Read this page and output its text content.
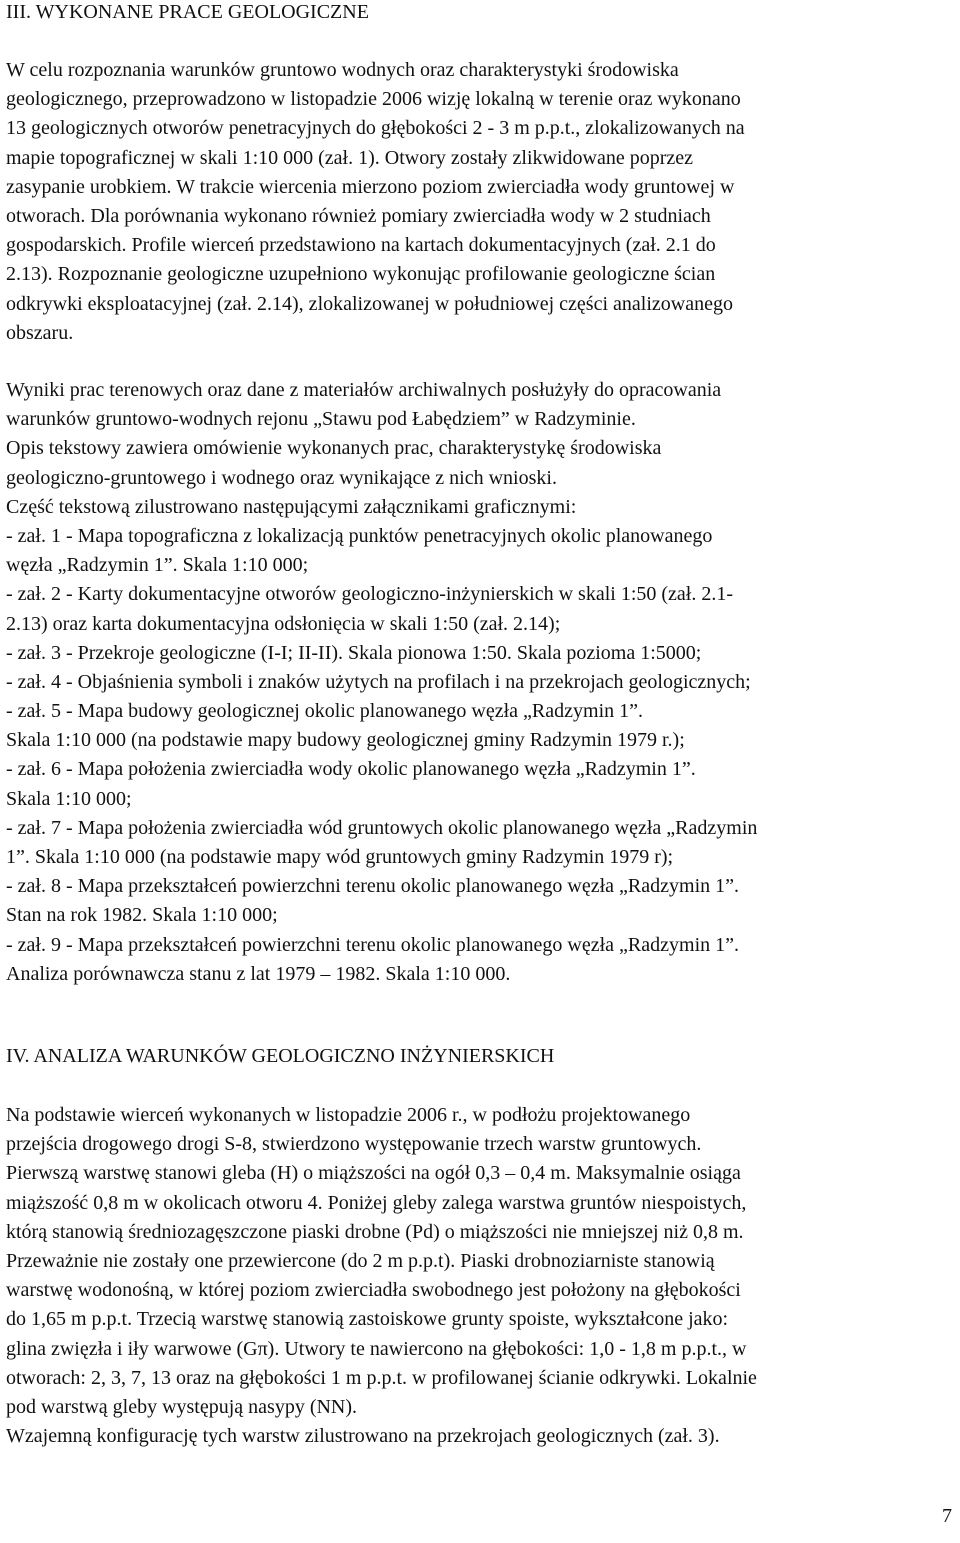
III. WYKONANE PRACE GEOLOGICZNE
W celu rozpoznania warunków gruntowo wodnych oraz charakterystyki środowiska
geologicznego, przeprowadzono w listopadzie 2006 wizję lokalną w terenie oraz wykonano
13 geologicznych otworów penetracyjnych do głębokości 2 - 3 m p.p.t., zlokalizowanych na
mapie topograficznej w skali 1:10 000 (zał. 1). Otwory zostały zlikwidowane poprzez
zasypanie urobkiem. W trakcie wiercenia mierzono poziom zwierciadła wody gruntowej w
otworach. Dla porównania wykonano również pomiary zwierciadła wody w 2 studniach
gospodarskich. Profile wierceń przedstawiono na kartach dokumentacyjnych (zał. 2.1 do
2.13). Rozpoznanie geologiczne uzupełniono wykonując profilowanie geologiczne ścian
odkrywki eksploatacyjnej (zał. 2.14), zlokalizowanej w południowej części analizowanego
obszaru.
Wyniki prac terenowych oraz dane z materiałów archiwalnych posłużyły do opracowania
warunków gruntowo-wodnych rejonu „Stawu pod Łabędziem” w Radzyminie.
Opis tekstowy zawiera omówienie wykonanych prac, charakterystykę środowiska
geologiczno-gruntowego i wodnego oraz wynikające z nich wnioski.
Część tekstową zilustrowano następującymi załącznikami graficznymi:
- zał. 1 - Mapa topograficzna z lokalizacją punktów penetracyjnych okolic planowanego
węzła „Radzymin 1”. Skala 1:10 000;
- zał. 2 - Karty dokumentacyjne otworów geologiczno-inżynierskich w skali 1:50 (zał. 2.1-
2.13) oraz karta dokumentacyjna odsłonięcia w skali 1:50 (zał. 2.14);
- zał. 3 - Przekroje geologiczne (I-I; II-II). Skala pionowa 1:50. Skala pozioma 1:5000;
- zał. 4 - Objaśnienia symboli i znaków użytych na profilach i na przekrojach geologicznych;
- zał. 5 - Mapa budowy geologicznej okolic planowanego węzła „Radzymin 1”.
Skala 1:10 000 (na podstawie mapy budowy geologicznej gminy Radzymin 1979 r.);
- zał. 6 - Mapa położenia zwierciadła wody okolic planowanego węzła „Radzymin 1”.
Skala 1:10 000;
- zał. 7 - Mapa położenia zwierciadła wód gruntowych okolic planowanego węzła „Radzymin
1”. Skala 1:10 000 (na podstawie mapy wód gruntowych gminy Radzymin 1979 r);
- zał. 8 - Mapa przekształceń powierzchni terenu okolic planowanego węzła „Radzymin 1”.
Stan na rok 1982. Skala 1:10 000;
- zał. 9 - Mapa przekształceń powierzchni terenu okolic planowanego węzła „Radzymin 1”.
Analiza porównawcza stanu z lat 1979 – 1982. Skala 1:10 000.
IV. ANALIZA WARUNKÓW GEOLOGICZNO INŻYNIERSKICH
Na podstawie wierceń wykonanych w listopadzie 2006 r., w podłożu projektowanego
przejścia drogowego drogi S-8, stwierdzono występowanie trzech warstw gruntowych.
Pierwszą warstwę stanowi gleba (H) o miąższości na ogół 0,3 – 0,4 m. Maksymalnie osiąga
miąższość 0,8 m w okolicach otworu 4. Poniżej gleby zalega warstwa gruntów niespoistych,
którą stanowią średniozagęszczone piaski drobne (Pd) o miąższości nie mniejszej niż 0,8 m.
Przeważnie nie zostały one przewiercone (do 2 m p.p.t). Piaski drobnoziarniste stanowią
warstwę wodonośną, w której poziom zwierciadła swobodnego jest położony na głębokości
do 1,65 m p.p.t. Trzecią warstwę stanowią zastoiskowe grunty spoiste, wykształcone jako:
glina zwięzła i iły warwowe (Gπ). Utwory te nawiercono na głębokości: 1,0 - 1,8 m p.p.t., w
otworach: 2, 3, 7, 13 oraz na głębokości 1 m p.p.t. w profilowanej ścianie odkrywki. Lokalnie
pod warstwą gleby występują nasypy (NN).
Wzajemną konfigurację tych warstw zilustrowano na przekrojach geologicznych (zał. 3).
7
